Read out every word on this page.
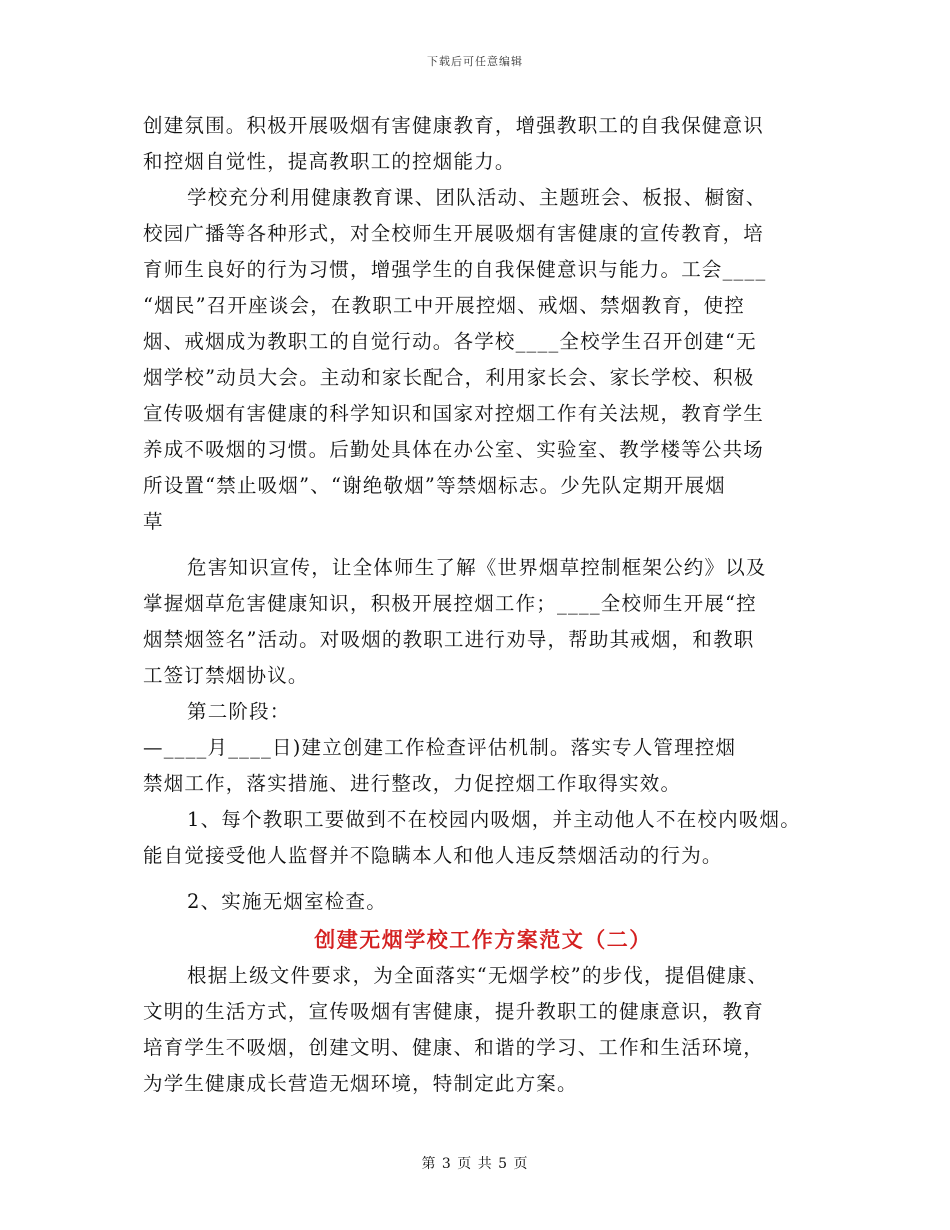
下载后可任意编辑
创建氛围。积极开展吸烟有害健康教育，增强教职工的自我保健意识
和控烟自觉性，提高教职工的控烟能力。
学校充分利用健康教育课、团队活动、主题班会、板报、橱窗、
校园广播等各种形式，对全校师生开展吸烟有害健康的宣传教育，培
育师生良好的行为习惯，增强学生的自我保健意识与能力。工会____
“烟民”召开座谈会，在教职工中开展控烟、戒烟、禁烟教育，使控
烟、戒烟成为教职工的自觉行动。各学校____全校学生召开创建“无
烟学校”动员大会。主动和家长配合，利用家长会、家长学校、积极
宣传吸烟有害健康的科学知识和国家对控烟工作有关法规，教育学生
养成不吸烟的习惯。后勤处具体在办公室、实验室、教学楼等公共场
所设置“禁止吸烟”、“谢绝敬烟”等禁烟标志。少先队定期开展烟
草
危害知识宣传，让全体师生了解《世界烟草控制框架公约》以及
掌握烟草危害健康知识，积极开展控烟工作；____全校师生开展“控
烟禁烟签名”活动。对吸烟的教职工进行劝导，帮助其戒烟，和教职
工签订禁烟协议。
第二阶段：
—____月____日)建立创建工作检查评估机制。落实专人管理控烟
禁烟工作，落实措施、进行整改，力促控烟工作取得实效。
1、每个教职工要做到不在校园内吸烟，并主动他人不在校内吸烟。
能自觉接受他人监督并不隐瞒本人和他人违反禁烟活动的行为。
2、实施无烟室检查。
创建无烟学校工作方案范文（二）
根据上级文件要求，为全面落实“无烟学校”的步伐，提倡健康、
文明的生活方式，宣传吸烟有害健康，提升教职工的健康意识，教育
培育学生不吸烟，创建文明、健康、和谐的学习、工作和生活环境，
为学生健康成长营造无烟环境，特制定此方案。
第 3 页 共 5 页
